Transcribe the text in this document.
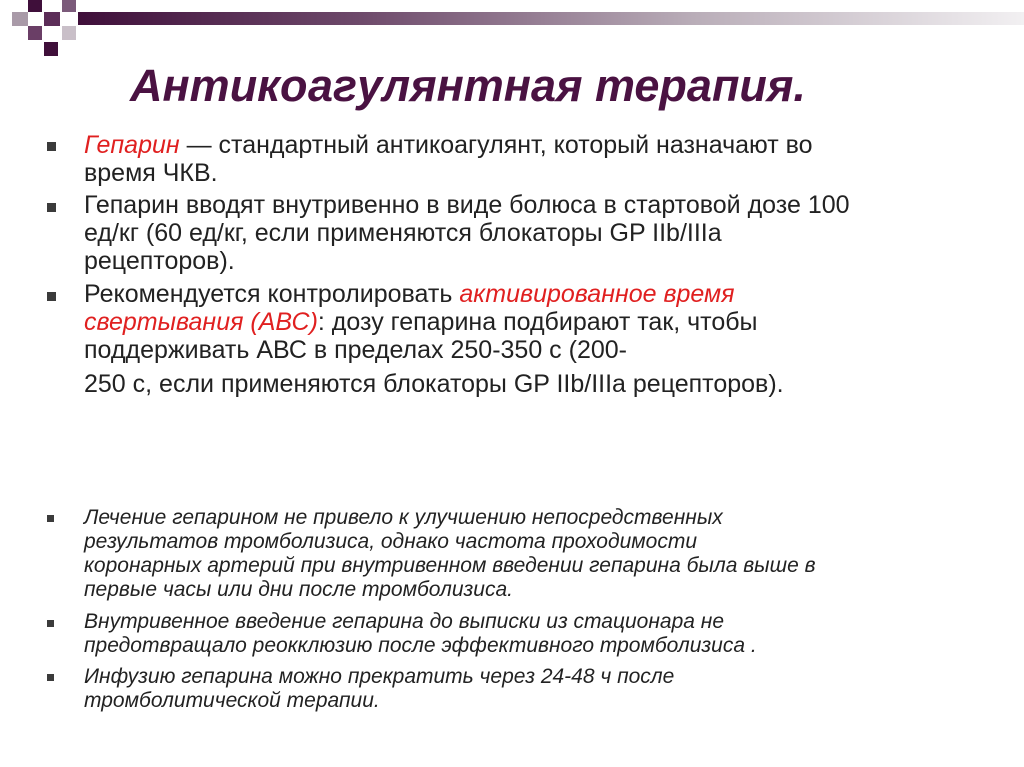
Антикоагулянтная терапия.
Гепарин — стандартный антикоагулянт, который назначают во
время ЧКВ.
Гепарин вводят внутривенно в виде болюса в стартовой дозе 100
ед/кг (60 ед/кг, если применяются блокаторы GP IIb/IIIa
рецепторов).
Рекомендуется контролировать активированное время
свертывания (АВС): дозу гепарина подбирают так, чтобы
поддерживать АВС в пределах 250-350 с (200-
250 с, если применяются блокаторы GP IIb/IIIa рецепторов).
Лечение гепарином не привело к улучшению непосредственных
результатов тромболизиса, однако частота проходимости
коронарных артерий при внутривенном введении гепарина была выше в
первые часы или дни после тромболизиса.
Внутривенное введение гепарина до выписки из стационара не
предотвращало реокклюзию после эффективного тромболизиса .
Инфузию гепарина можно прекратить через 24-48 ч после
тромболитической терапии.
